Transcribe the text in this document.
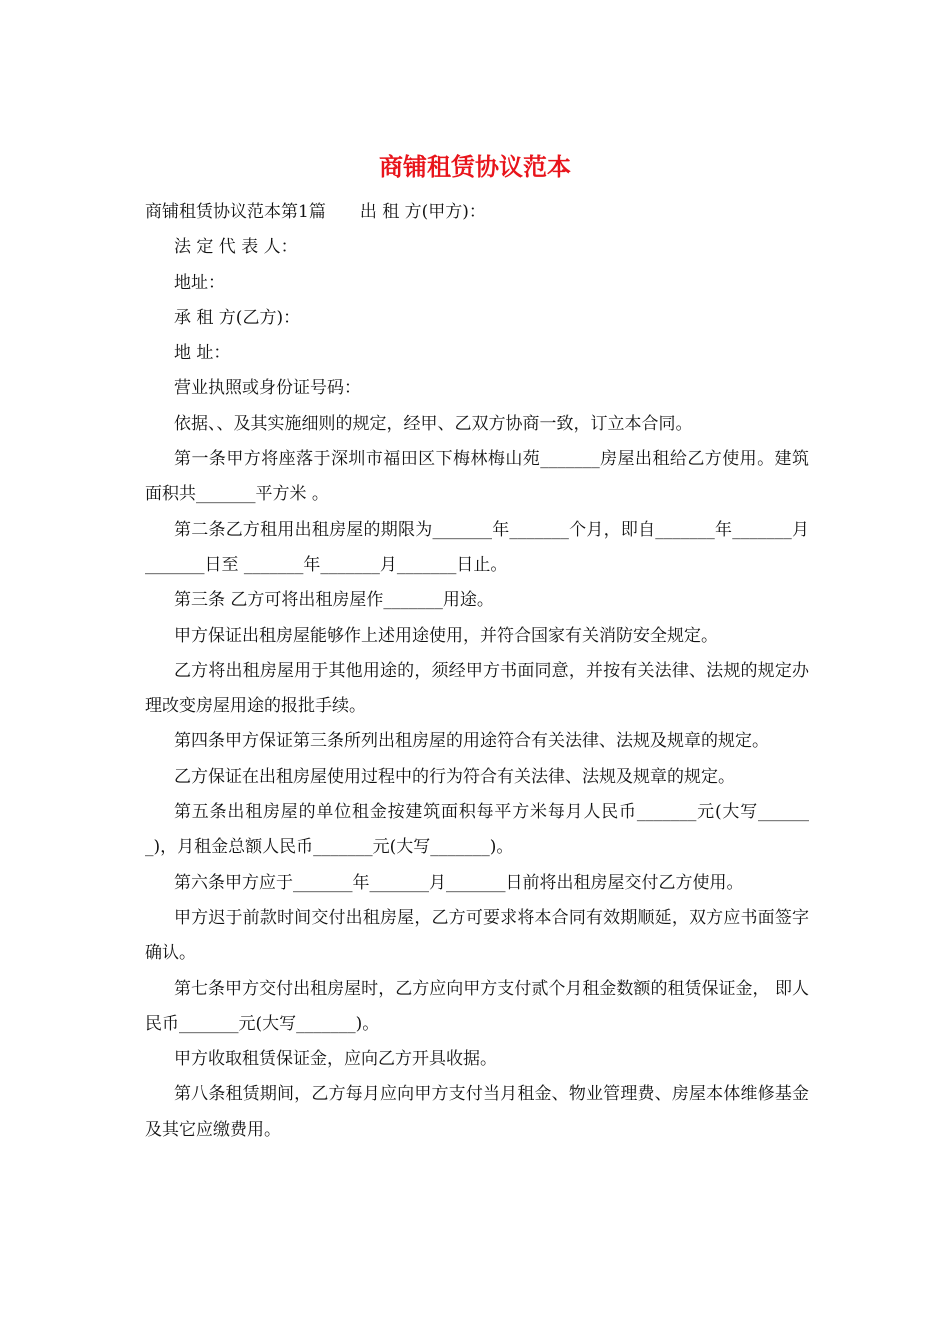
商铺租赁协议范本

商铺租赁协议范本第1篇　　出 租 方(甲方)：

法 定 代 表 人：

地址：

承 租 方(乙方)：

地 址：

营业执照或身份证号码：

依据、、及其实施细则的规定，经甲、乙双方协商一致，订立本合同。

第一条甲方将座落于深圳市福田区下梅林梅山苑_______房屋出租给乙方使用。建筑面积共_______平方米 。

第二条乙方租用出租房屋的期限为_______年_______个月，即自_______年_______月_______日至 _______年_______月_______日止。

第三条 乙方可将出租房屋作_______用途。

甲方保证出租房屋能够作上述用途使用，并符合国家有关消防安全规定。

乙方将出租房屋用于其他用途的，须经甲方书面同意，并按有关法律、法规的规定办理改变房屋用途的报批手续。

第四条甲方保证第三条所列出租房屋的用途符合有关法律、法规及规章的规定。

乙方保证在出租房屋使用过程中的行为符合有关法律、法规及规章的规定。

第五条出租房屋的单位租金按建筑面积每平方米每月人民币_______元(大写_______)，月租金总额人民币_______元(大写_______)。

第六条甲方应于_______年_______月_______日前将出租房屋交付乙方使用。

甲方迟于前款时间交付出租房屋，乙方可要求将本合同有效期顺延，双方应书面签字确认。

第七条甲方交付出租房屋时，乙方应向甲方支付贰个月租金数额的租赁保证金， 即人民币_______元(大写_______)。

甲方收取租赁保证金，应向乙方开具收据。

第八条租赁期间，乙方每月应向甲方支付当月租金、物业管理费、房屋本体维修基金及其它应缴费用。
